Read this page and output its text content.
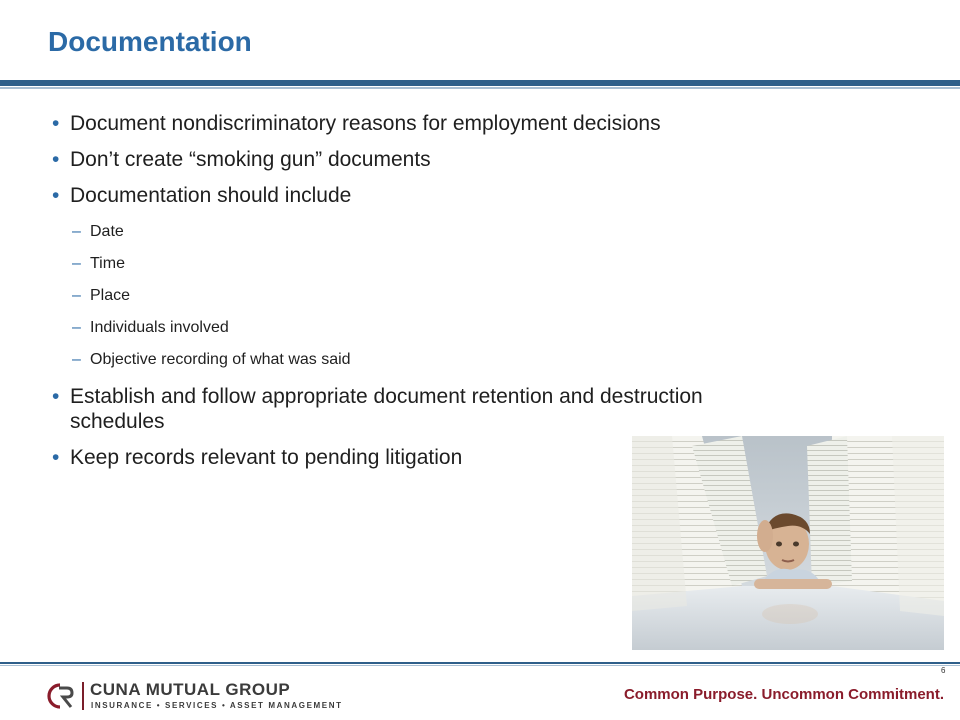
Documentation
• Document nondiscriminatory reasons for employment decisions
• Don’t create “smoking gun” documents
• Documentation should include
– Date
– Time
– Place
– Individuals involved
– Objective recording of what was said
• Establish and follow appropriate document retention and destruction schedules
• Keep records relevant to pending litigation
CUNA MUTUAL GROUP
INSURANCE • SERVICES • ASSET MANAGEMENT
Common Purpose. Uncommon Commitment.
6
